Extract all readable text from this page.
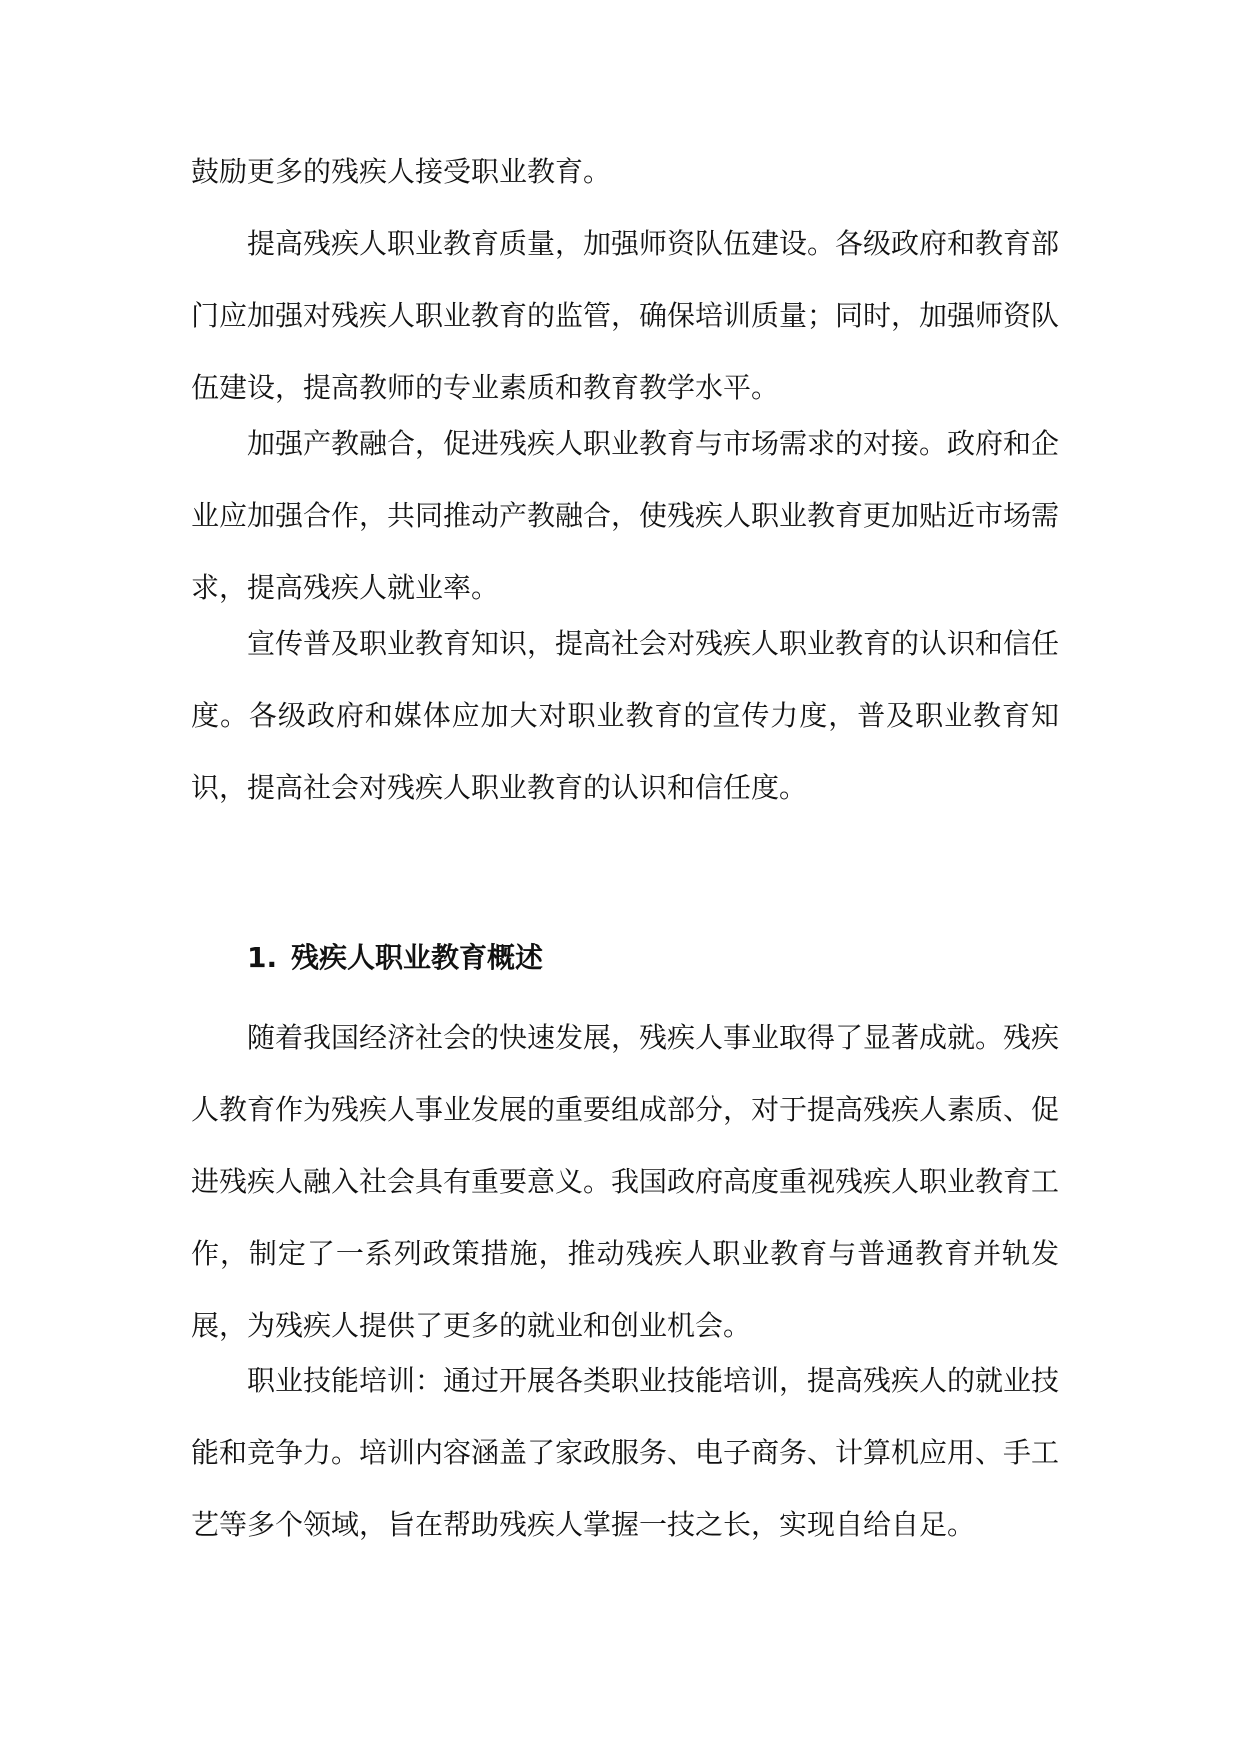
鼓励更多的残疾人接受职业教育。

提高残疾人职业教育质量，加强师资队伍建设。各级政府和教育部门应加强对残疾人职业教育的监管，确保培训质量；同时，加强师资队伍建设，提高教师的专业素质和教育教学水平。

加强产教融合，促进残疾人职业教育与市场需求的对接。政府和企业应加强合作，共同推动产教融合，使残疾人职业教育更加贴近市场需求，提高残疾人就业率。

宣传普及职业教育知识，提高社会对残疾人职业教育的认识和信任度。各级政府和媒体应加大对职业教育的宣传力度，普及职业教育知识，提高社会对残疾人职业教育的认识和信任度。

1. 残疾人职业教育概述

随着我国经济社会的快速发展，残疾人事业取得了显著成就。残疾人教育作为残疾人事业发展的重要组成部分，对于提高残疾人素质、促进残疾人融入社会具有重要意义。我国政府高度重视残疾人职业教育工作，制定了一系列政策措施，推动残疾人职业教育与普通教育并轨发展，为残疾人提供了更多的就业和创业机会。

职业技能培训：通过开展各类职业技能培训，提高残疾人的就业技能和竞争力。培训内容涵盖了家政服务、电子商务、计算机应用、手工艺等多个领域，旨在帮助残疾人掌握一技之长，实现自给自足。
